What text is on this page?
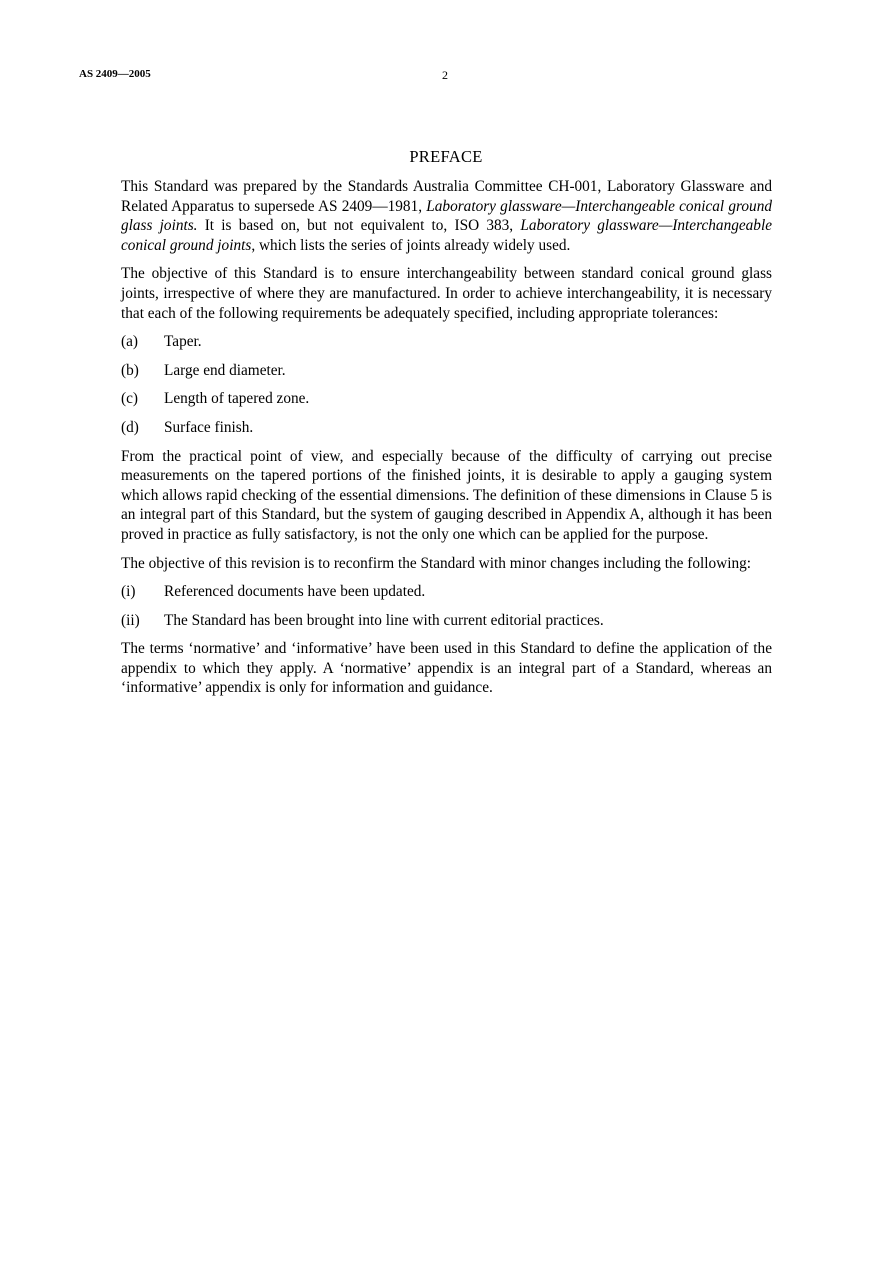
AS 2409—2005	2
PREFACE

This Standard was prepared by the Standards Australia Committee CH-001, Laboratory Glassware and Related Apparatus to supersede AS 2409—1981, Laboratory glassware—Interchangeable conical ground glass joints. It is based on, but not equivalent to, ISO 383, Laboratory glassware—Interchangeable conical ground joints, which lists the series of joints already widely used.

The objective of this Standard is to ensure interchangeability between standard conical ground glass joints, irrespective of where they are manufactured. In order to achieve interchangeability, it is necessary that each of the following requirements be adequately specified, including appropriate tolerances:

(a)	Taper.
(b)	Large end diameter.
(c)	Length of tapered zone.
(d)	Surface finish.

From the practical point of view, and especially because of the difficulty of carrying out precise measurements on the tapered portions of the finished joints, it is desirable to apply a gauging system which allows rapid checking of the essential dimensions. The definition of these dimensions in Clause 5 is an integral part of this Standard, but the system of gauging described in Appendix A, although it has been proved in practice as fully satisfactory, is not the only one which can be applied for the purpose.

The objective of this revision is to reconfirm the Standard with minor changes including the following:

(i)	Referenced documents have been updated.
(ii)	The Standard has been brought into line with current editorial practices.

The terms ‘normative’ and ‘informative’ have been used in this Standard to define the application of the appendix to which they apply. A ‘normative’ appendix is an integral part of a Standard, whereas an ‘informative’ appendix is only for information and guidance.
